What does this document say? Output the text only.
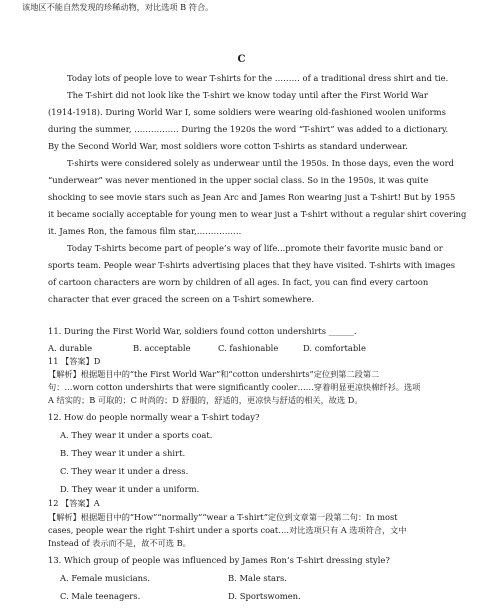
该地区不能自然发现的珍稀动物，对比选项 B 符合。
C
Today lots of people love to wear T-shirts for the ……… of a traditional dress shirt and tie.
The T-shirt did not look like the T-shirt we know today until after the First World War
(1914-1918). During World War I, some soldiers were wearing old-fashioned woolen uniforms
during the summer, ……………. During the 1920s the word “T-shirt” was added to a dictionary.
By the Second World War, most soldiers wore cotton T-shirts as standard underwear.
T-shirts were considered solely as underwear until the 1950s. In those days, even the word
“underwear” was never mentioned in the upper social class. So in the 1950s, it was quite
shocking to see movie stars such as Jean Arc and James Ron wearing just a T-shirt! But by 1955
it became socially acceptable for young men to wear just a T-shirt without a regular shirt covering
it. James Ron, the famous film star,…………….
Today T-shirts become part of people’s way of life...promote their favorite music band or
sports team. People wear T-shirts advertising places that they have visited. T-shirts with images
of cartoon characters are worn by children of all ages. In fact, you can find every cartoon
character that ever graced the screen on a T-shirt somewhere.
11. During the First World War, soldiers found cotton undershirts ______.
A. durable	B. acceptable	C. fashionable	D. comfortable
11 【答案】D
【解析】根据题目中的“the First World War”和“cotton undershirts”定位到第二段第二
句：…worn cotton undershirts that were significantly cooler……穿着明显更凉快棉纤衫。选项
A 结实的；B 可取的；C 时尚的；D 舒服的，舒适的，更凉快与舒适的相关，故选 D。
12. How do people normally wear a T-shirt today?
A. They wear it under a sports coat.
B. They wear it under a shirt.
C. They wear it under a dress.
D. They wear it under a uniform.
12 【答案】A
【解析】根据题目中的“How”“normally”“wear a T-shirt”定位到文章第一段第二句：In most
cases, people wear the right T-shirt under a sports coat….对比选项只有 A 选项符合，文中
Instead of 表示而不是，故不可选 B。
13. Which group of people was influenced by James Ron’s T-shirt dressing style?
A. Female musicians.	B. Male stars.
C. Male teenagers.	D. Sportswomen.
